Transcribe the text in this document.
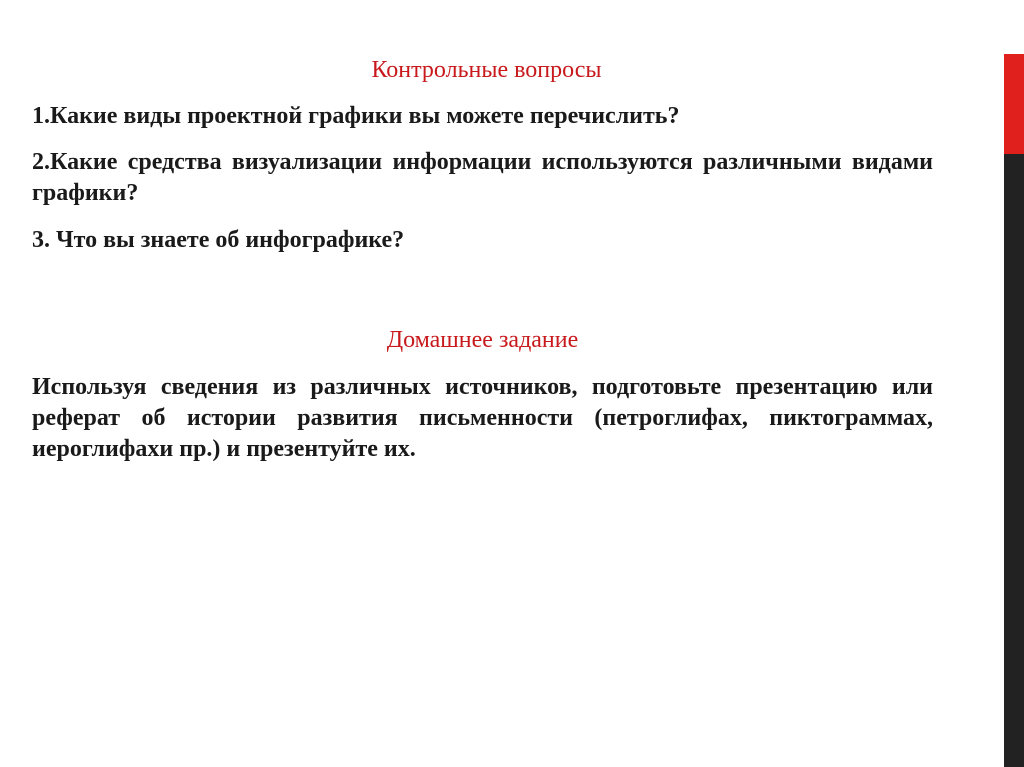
Контрольные вопросы

1.Какие виды проектной графики вы можете перечислить?

2.Какие средства визуализации информации используются различными видами графики?

3. Что вы знаете об инфографике?

Домашнее задание

Используя сведения из различных источников, подготовьте презентацию или реферат об истории развития письменности (петроглифах, пиктограммах, иероглифахи пр.) и презентуйте их.
